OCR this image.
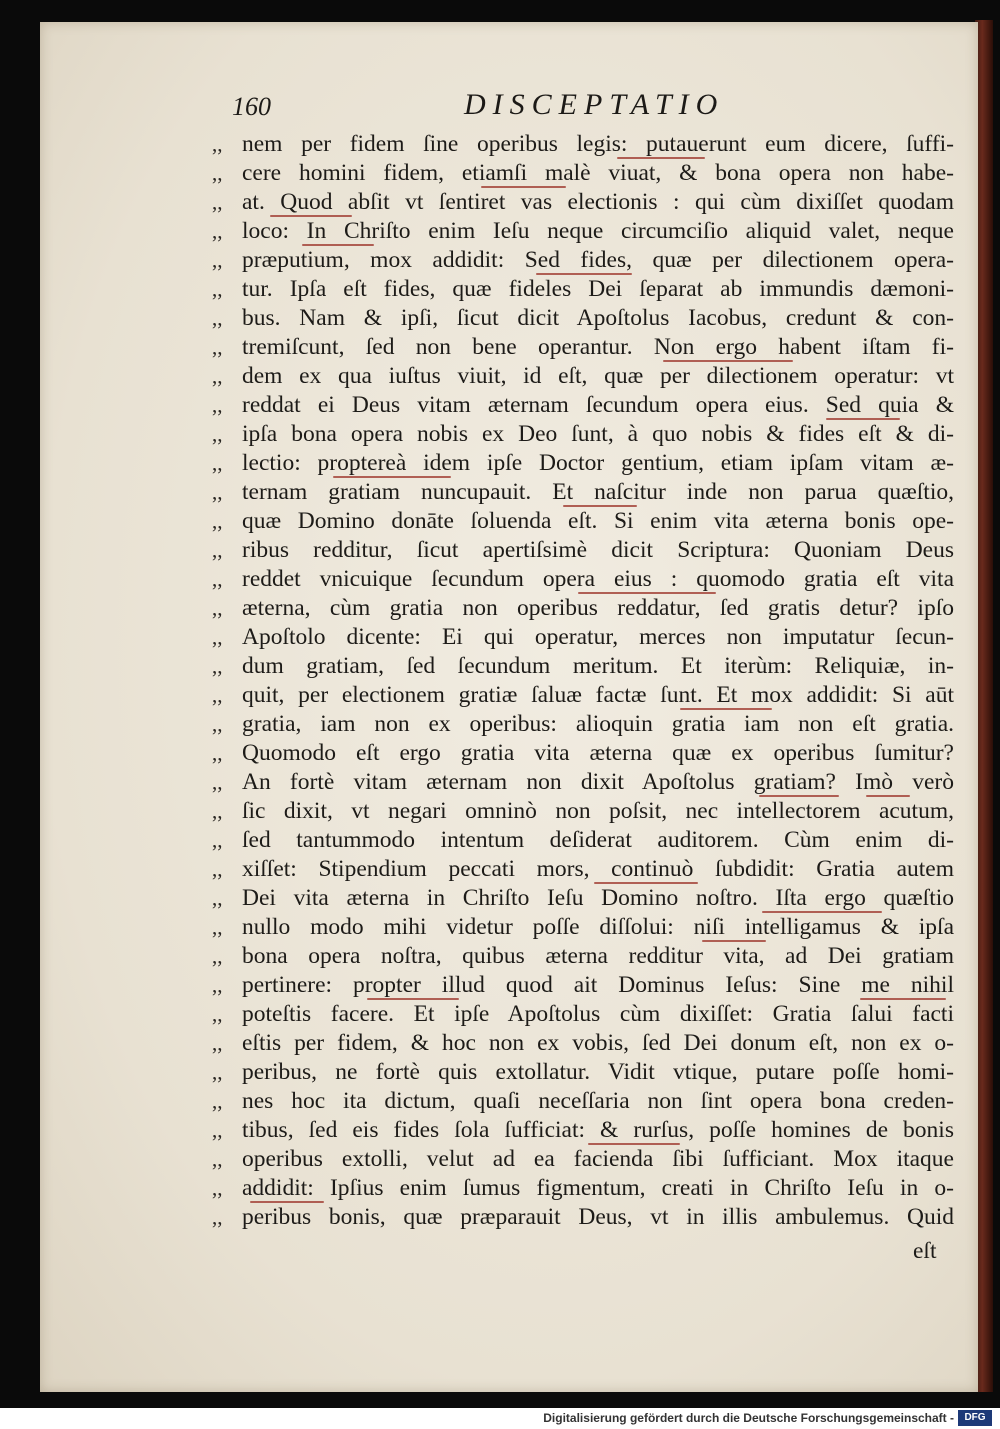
160	DISCEPTATIO
,, nem per fidem ſine operibus legis: putauerunt eum dicere, ſuffi-
,, cere homini fidem, etiamſi malè viuat, & bona opera non habe-
,, at. Quod abſit vt ſentiret vas electionis : qui cùm dixiſſet quodam
,, loco: In Chriſto enim Ieſu neque circumciſio aliquid valet, neque
,, præputium, mox addidit: Sed fides, quæ per dilectionem opera-
,, tur. Ipſa eſt fides, quæ fideles Dei ſeparat ab immundis dæmoni-
,, bus. Nam & ipſi, ſicut dicit Apoſtolus Iacobus, credunt & con-
,, tremiſcunt, ſed non bene operantur. Non ergo habent iſtam fi-
,, dem ex qua iuſtus viuit, id eſt, quæ per dilectionem operatur: vt
,, reddat ei Deus vitam æternam ſecundum opera eius. Sed quia &
,, ipſa bona opera nobis ex Deo ſunt, à quo nobis & fides eſt & di-
,, lectio: proptereà idem ipſe Doctor gentium, etiam ipſam vitam æ-
,, ternam gratiam nuncupauit. Et naſcitur inde non parua quæſtio,
,, quæ Domino donāte ſoluenda eſt. Si enim vita æterna bonis ope-
,, ribus redditur, ſicut apertiſsimè dicit Scriptura: Quoniam Deus
,, reddet vnicuique ſecundum opera eius : quomodo gratia eſt vita
,, æterna, cùm gratia non operibus reddatur, ſed gratis detur? ipſo
,, Apoſtolo dicente: Ei qui operatur, merces non imputatur ſecun-
,, dum gratiam, ſed ſecundum meritum. Et iterùm: Reliquiæ, in-
,, quit, per electionem gratiæ ſaluæ factæ ſunt. Et mox addidit: Si aūt
,, gratia, iam non ex operibus: alioquin gratia iam non eſt gratia.
,, Quomodo eſt ergo gratia vita æterna quæ ex operibus ſumitur?
,, An fortè vitam æternam non dixit Apoſtolus gratiam? Imò verò
,, ſic dixit, vt negari omninò non poſsit, nec intellectorem acutum,
,, ſed tantummodo intentum deſiderat auditorem. Cùm enim di-
,, xiſſet: Stipendium peccati mors, continuò ſubdidit: Gratia autem
,, Dei vita æterna in Chriſto Ieſu Domino noſtro. Iſta ergo quæſtio
,, nullo modo mihi videtur poſſe diſſolui: niſi intelligamus & ipſa
,, bona opera noſtra, quibus æterna redditur vita, ad Dei gratiam
,, pertinere: propter illud quod ait Dominus Ieſus: Sine me nihil
,, poteſtis facere. Et ipſe Apoſtolus cùm dixiſſet: Gratia ſalui facti
,, eſtis per fidem, & hoc non ex vobis, ſed Dei donum eſt, non ex o-
,, peribus, ne fortè quis extollatur. Vidit vtique, putare poſſe homi-
,, nes hoc ita dictum, quaſi neceſſaria non ſint opera bona creden-
,, tibus, ſed eis fides ſola ſufficiat: & rurſus, poſſe homines de bonis
,, operibus extolli, velut ad ea facienda ſibi ſufficiant. Mox itaque
,, addidit: Ipſius enim ſumus figmentum, creati in Chriſto Ieſu in o-
,, peribus bonis, quæ præparauit Deus, vt in illis ambulemus. Quid
eſt
Digitalisierung gefördert durch die Deutsche Forschungsgemeinschaft -	DFG
